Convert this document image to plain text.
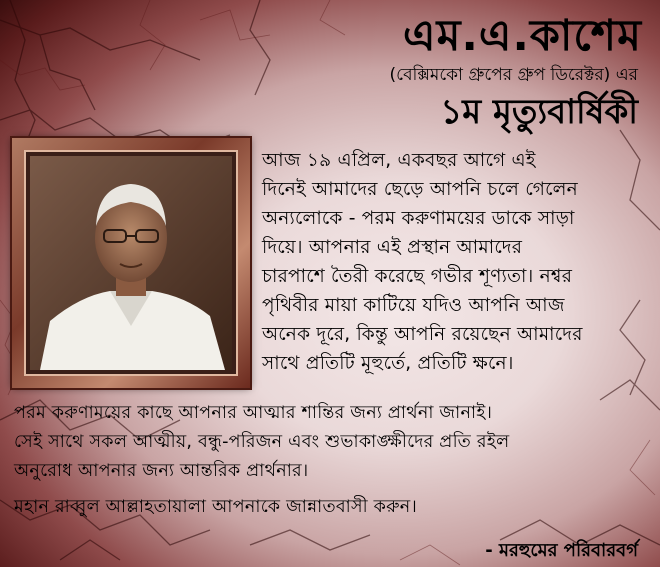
এম.এ.কাশেম
(বেক্সিমকো গ্রুপের গ্রুপ ডিরেক্টর) এর
১ম মৃত্যুবার্ষিকী
আজ ১৯ এপ্রিল, একবছর আগে এই
দিনেই আমাদের ছেড়ে আপনি চলে গেলেন
অন্যলোকে - পরম করুণাময়ের ডাকে সাড়া
দিয়ে। আপনার এই প্রস্থান আমাদের
চারপাশে তৈরী করেছে গভীর শূণ্যতা। নশ্বর
পৃথিবীর মায়া কাটিয়ে যদিও আপনি আজ
অনেক দূরে, কিন্তু আপনি রয়েছেন আমাদের
সাথে প্রতিটি মূহুর্তে, প্রতিটি ক্ষনে।
পরম করুণাময়ের কাছে আপনার আত্মার শান্তির জন্য প্রার্থনা জানাই।
সেই সাথে সকল আত্মীয়, বন্ধু-পরিজন এবং শুভাকাঙ্ক্ষীদের প্রতি রইল
অনুরোধ আপনার জন্য আন্তরিক প্রার্থনার।
মহান রাব্বুল আল্লাহতায়ালা আপনাকে জান্নাতবাসী করুন।
- মরহুমের পরিবারবর্গ
